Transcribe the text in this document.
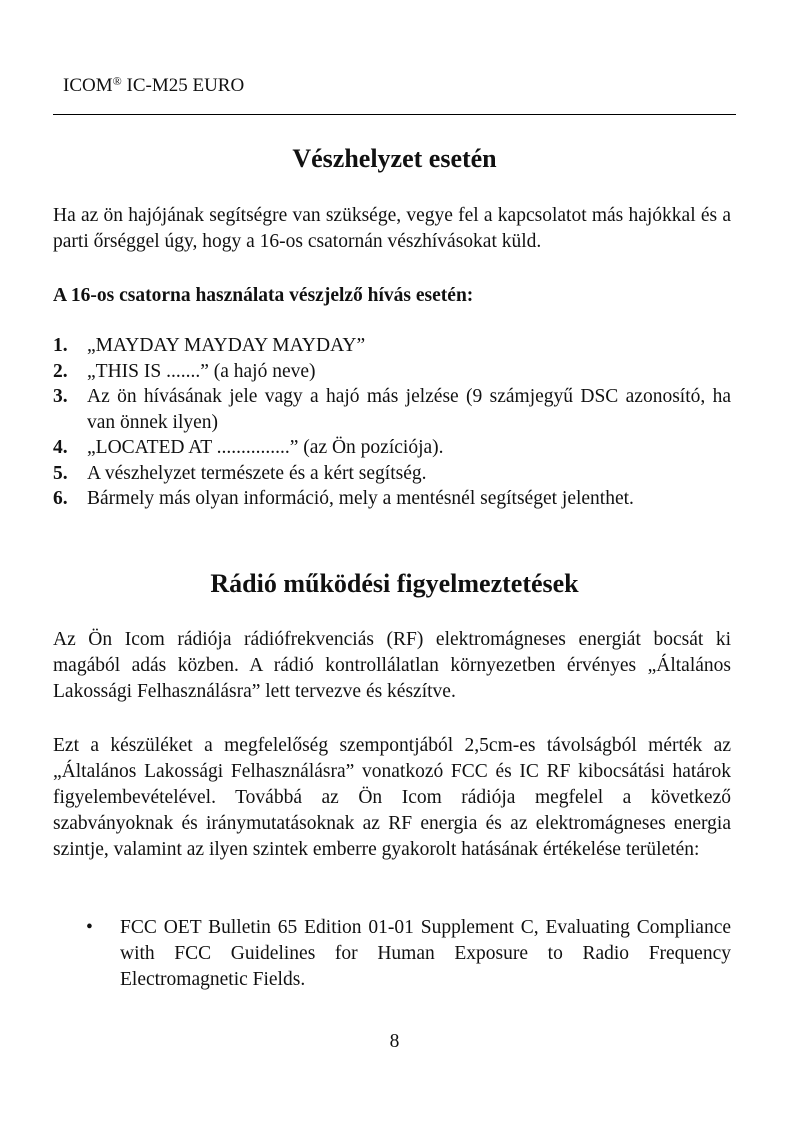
ICOM® IC-M25 EURO
Vészhelyzet esetén
Ha az ön hajójának segítségre van szüksége, vegye fel a kapcsolatot más hajókkal és a parti őrséggel úgy, hogy a 16-os csatornán vészhívásokat küld.
A 16-os csatorna használata vészjelző hívás esetén:
1. „MAYDAY MAYDAY MAYDAY”
2. „THIS IS .......” (a hajó neve)
3. Az ön hívásának jele vagy a hajó más jelzése (9 számjegyű DSC azonosító, ha van önnek ilyen)
4. „LOCATED AT ...............” (az Ön pozíciója).
5. A vészhelyzet természete és a kért segítség.
6. Bármely más olyan információ, mely a mentésnél segítséget jelenthet.
Rádió működési figyelmeztetések
Az Ön Icom rádiója rádiófrekvenciás (RF) elektromágneses energiát bocsát ki magából adás közben. A rádió kontrollálatlan környezetben érvényes „Általános Lakossági Felhasználásra” lett tervezve és készítve.
Ezt a készüléket a megfelelőség szempontjából 2,5cm-es távolságból mérték az „Általános Lakossági Felhasználásra” vonatkozó FCC és IC RF kibocsátási határok figyelembevételével. Továbbá az Ön Icom rádiója megfelel a következő szabványoknak és iránymutatásoknak az RF energia és az elektromágneses energia szintje, valamint az ilyen szintek emberre gyakorolt hatásának értékelése területén:
• FCC OET Bulletin 65 Edition 01-01 Supplement C, Evaluating Compliance with FCC Guidelines for Human Exposure to Radio Frequency Electromagnetic Fields.
8
